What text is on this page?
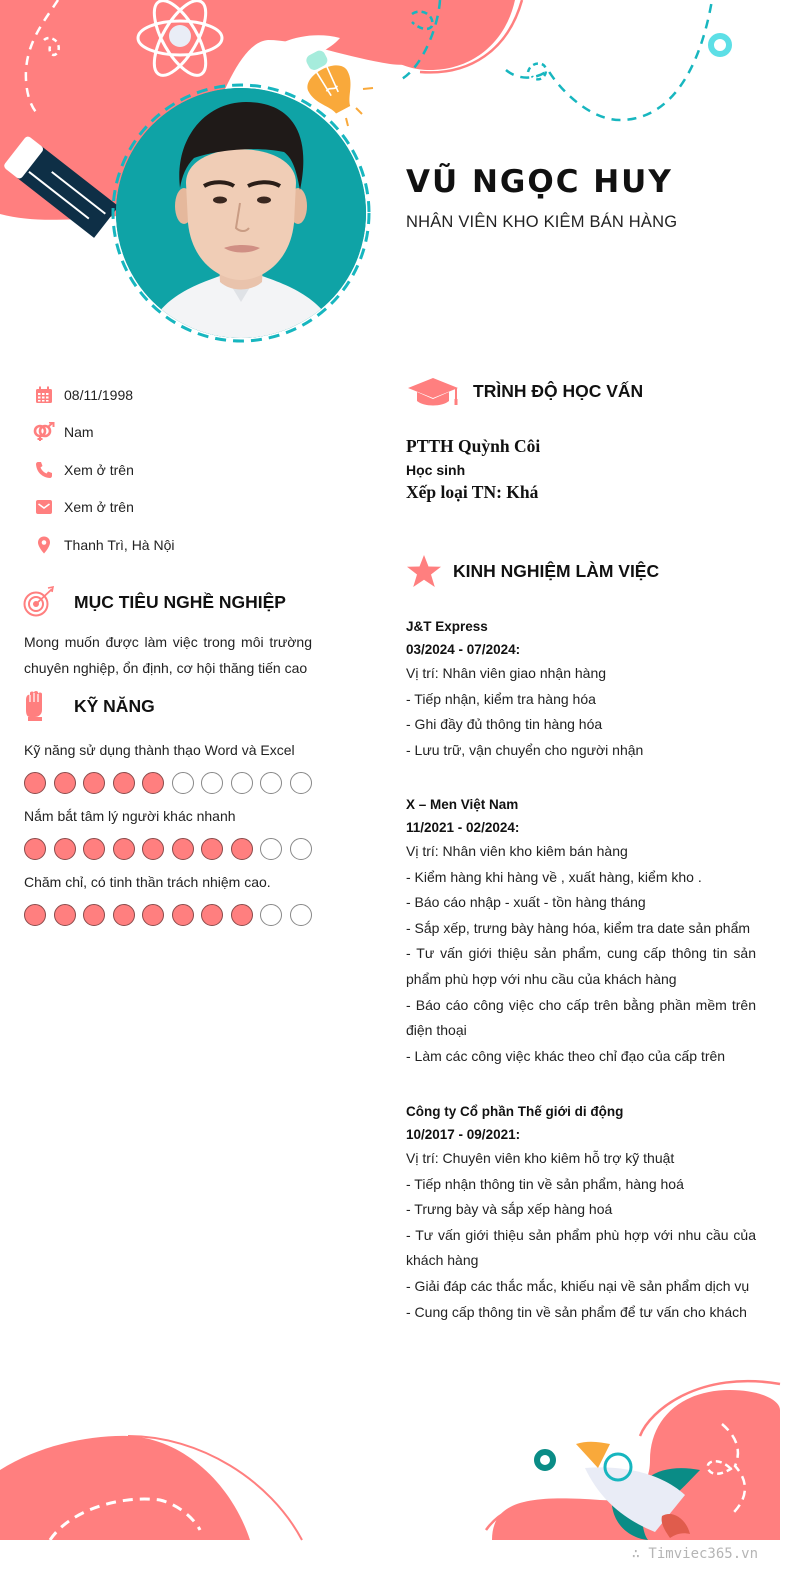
VŨ NGỌC HUY
NHÂN VIÊN KHO KIÊM BÁN HÀNG
08/11/1998
Nam
Xem ở trên
Xem ở trên
Thanh Trì, Hà Nội
MỤC TIÊU NGHỀ NGHIỆP
Mong muốn được làm việc trong môi trường chuyên nghiệp, ổn định, cơ hội thăng tiến cao
KỸ NĂNG
Kỹ năng sử dụng thành thạo Word và Excel
Nắm bắt tâm lý người khác nhanh
Chăm chỉ, có tinh thần trách nhiệm cao.
TRÌNH ĐỘ HỌC VẤN
PTTH Quỳnh Côi
Học sinh
Xếp loại TN: Khá
KINH NGHIỆM LÀM VIỆC
J&T Express
03/2024 - 07/2024:
Vị trí: Nhân viên giao nhận hàng
- Tiếp nhận, kiểm tra hàng hóa
- Ghi đầy đủ thông tin hàng hóa
- Lưu trữ, vận chuyển cho người nhận
X – Men Việt Nam
11/2021 - 02/2024:
Vị trí: Nhân viên kho kiêm bán hàng
- Kiểm hàng khi hàng về , xuất hàng, kiểm kho .
- Báo cáo nhập - xuất - tồn hàng tháng
- Sắp xếp, trưng bày hàng hóa, kiểm tra date sản phẩm
- Tư vấn giới thiệu sản phẩm, cung cấp thông tin sản phẩm phù hợp với nhu cầu của khách hàng
- Báo cáo công việc cho cấp trên bằng phần mềm trên điện thoại
- Làm các công việc khác theo chỉ đạo của cấp trên
Công ty Cổ phần Thế giới di động
10/2017 - 09/2021:
Vị trí: Chuyên viên kho kiêm hỗ trợ kỹ thuật
- Tiếp nhận thông tin về sản phẩm, hàng hoá
- Trưng bày và sắp xếp hàng hoá
- Tư vấn giới thiệu sản phẩm phù hợp với nhu cầu của khách hàng
- Giải đáp các thắc mắc, khiếu nại về sản phẩm dịch vụ
- Cung cấp thông tin về sản phẩm để tư vấn cho khách
∴ Timviec365.vn
